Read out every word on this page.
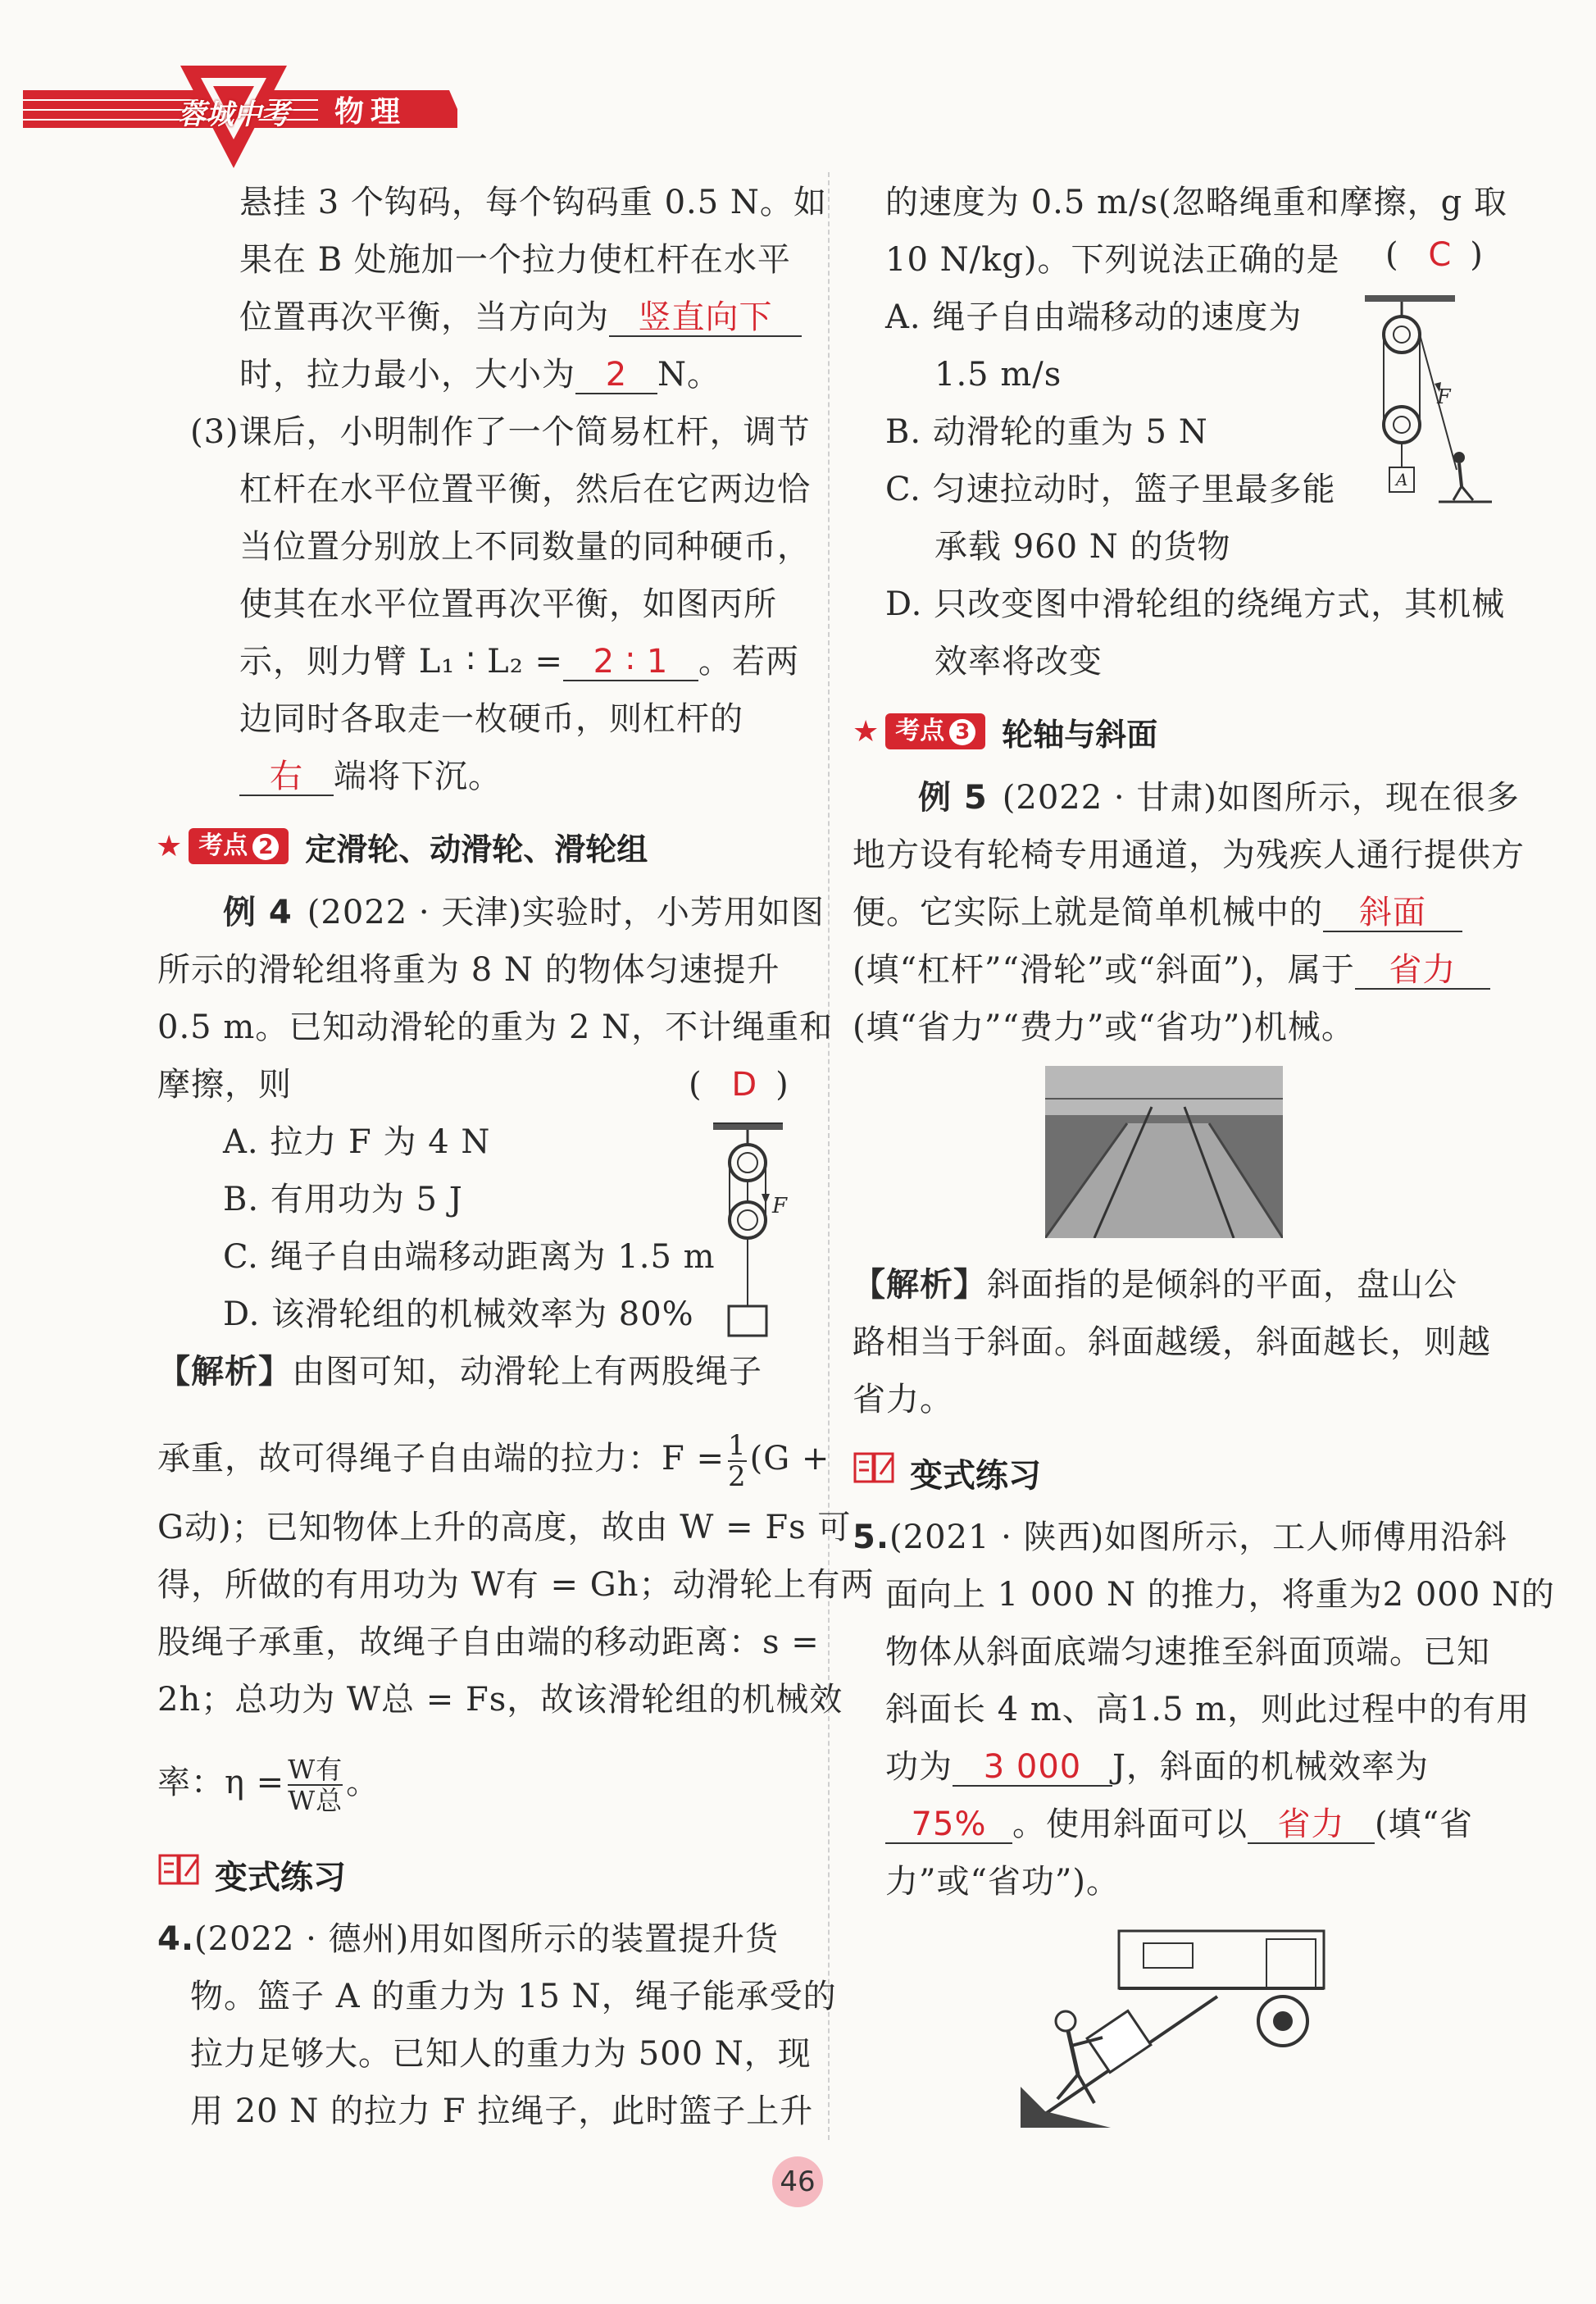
蓉城中考 物理
悬挂 3 个钩码，每个钩码重 0.5 N。如
果在 B 处施加一个拉力使杠杆在水平
位置再次平衡，当方向为 竖直向下
时，拉力最小，大小为 2 N。
(3)课后，小明制作了一个简易杠杆，调节
杠杆在水平位置平衡，然后在它两边恰
当位置分别放上不同数量的同种硬币，
使其在水平位置再次平衡，如图丙所
示，则力臂 L₁ ∶ L₂ = 2 ∶ 1 。若两
边同时各取走一枚硬币，则杠杆的
右 端将下沉。
★ 考点 2	定滑轮、动滑轮、滑轮组
例 4 (2022 · 天津)实验时，小芳用如图
所示的滑轮组将重为 8 N 的物体匀速提升
0.5 m。已知动滑轮的重为 2 N，不计绳重和
摩擦，则	( D )
A. 拉力 F 为 4 N
B. 有用功为 5 J
C. 绳子自由端移动距离为 1.5 m
D. 该滑轮组的机械效率为 80%
F
【解析】由图可知，动滑轮上有两股绳子
承重，故可得绳子自由端的拉力：$F = \frac{1}{2} (G$ +
G动)；已知物体上升的高度，故由 W = Fs 可
得，所做的有用功为 W有 = Gh；动滑轮上有两
股绳子承重，故绳子自由端的移动距离：s =
2h；总功为 W总 = Fs，故该滑轮组的机械效
率：η = W有
W总 。
变式练习
4.(2022 · 德州)用如图所示的装置提升货
物。篮子 A 的重力为 15 N，绳子能承受的
拉力足够大。已知人的重力为 500 N，现
用 20 N 的拉力 F 拉绳子，此时篮子上升
的速度为 0.5 m/s(忽略绳重和摩擦，g 取
10 N/kg)。下列说法正确的是 ( C )
A. 绳子自由端移动的速度为
1.5 m/s
B. 动滑轮的重为 5 N
C. 匀速拉动时，篮子里最多能
承载 960 N 的货物
D. 只改变图中滑轮组的绕绳方式，其机械
效率将改变
F
A
★ 考点 3	轮轴与斜面
例 5 (2022 · 甘肃)如图所示，现在很多
地方设有轮椅专用通道，为残疾人通行提供方
便。它实际上就是简单机械中的 斜面
(填“杠杆”“滑轮”或“斜面”)，属于 省力
(填“省力”“费力”或“省功”)机械。
【解析】斜面指的是倾斜的平面，盘山公
路相当于斜面。斜面越缓，斜面越长，则越
省力。
变式练习
5.(2021 · 陕西)如图所示，工人师傅用沿斜
面向上 1 000 N 的推力，将重为2 000 N的
物体从斜面底端匀速推至斜面顶端。已知
斜面长 4 m、高1.5 m，则此过程中的有用
功为 3 000 J，斜面的机械效率为
75% 。使用斜面可以 省力 (填“省
力”或“省功”)。
46
